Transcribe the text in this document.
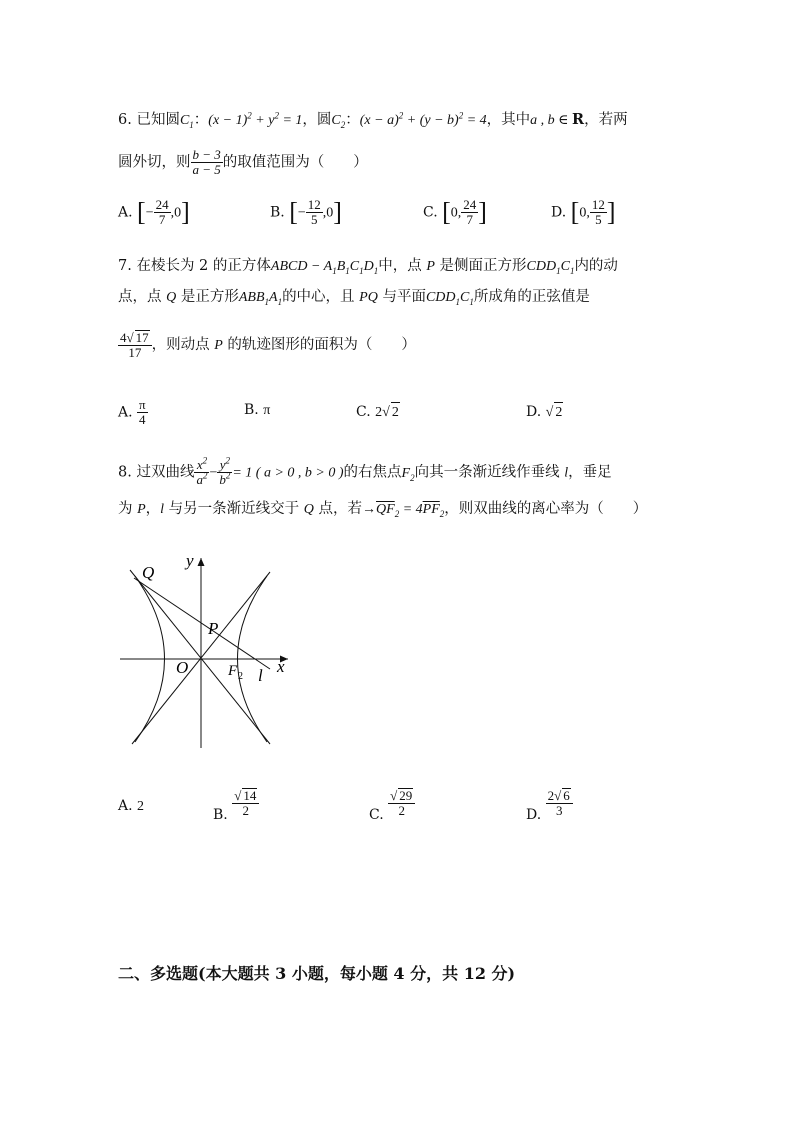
6. 已知圆$C_1$：$(x - 1)^2 + y^2 = 1$，圆$C_2$：$(x - a)^2 + (y - b)^2 = 4$，其中a , b ∈ R，若两
圆外切，则 $\frac{b - 3}{a - 5}$ 的取值范围为（　　）
A. [− $\frac{24}{7} ,0$]	B. [− $\frac{12}{5} ,0$]	C. [0, $\frac{24}{7}$ ]	D. [0, $\frac{12}{5}$ ]
7. 在棱长为 2 的正方体ABCD − $A_1B_1C_1D_1$中，点 P 是侧面正方形$CDD_1C_1$内的动
点，点 Q 是正方形$ABB_1A_1$的中心，且 PQ 与平面$CDD_1C_1$所成角的正弦值是
$\frac{4√ 17}{17}$ ，则动点 P 的轨迹图形的面积为（　　）
A. $\frac{\pi}{4}$	B. π	C. 2√ 2	D. √ 2
8. 过双曲线 $\frac{x^2}{a^2} - \frac{y^2}{b^2} = 1$ ( a > 0 , b > 0 )的右焦点$F_2$向其一条渐近线作垂线 l，垂足
为 P，l 与另一条渐近线交于 Q 点，若→
$\overline{QF}_2 = 4\overline{PF}_2$，则双曲线的离心率为（　　）
Q
y
P
O	F 2 l x
A. 2
B. $\frac{√ 14}{2}$	C. $\frac{√ 29}{2}$	D. $\frac{2√ 6}{3}$
二、多选题(本大题共 3 小题，每小题 4 分，共 12 分)
